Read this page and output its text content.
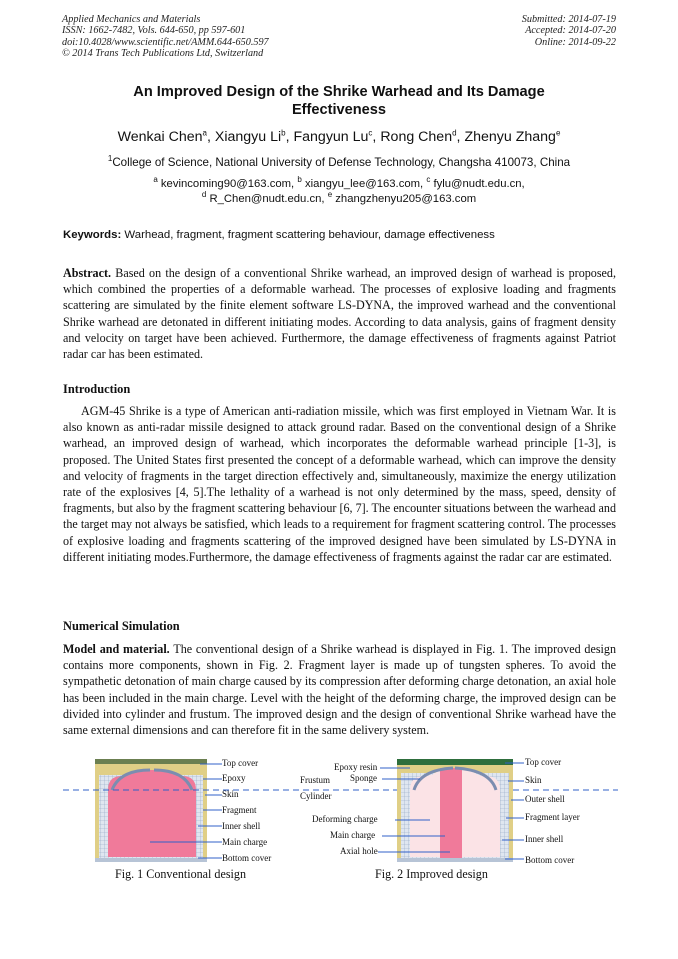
Applied Mechanics and Materials
ISSN: 1662-7482, Vols. 644-650, pp 597-601
doi:10.4028/www.scientific.net/AMM.644-650.597
© 2014 Trans Tech Publications Ltd, Switzerland
Submitted: 2014-07-19
Accepted: 2014-07-20
Online: 2014-09-22
An Improved Design of the Shrike Warhead and Its Damage
Effectiveness
Wenkai Chen$^a$, Xiangyu Li$^b$, Fangyun Lu$^c$, Rong Chen$^d$, Zhenyu Zhang$^e$
$^1$College of Science, National University of Defense Technology, Changsha 410073, China
$^a$ kevincoming90@163.com, $^b$ xiangyu_lee@163.com, $^c$ fylu@nudt.edu.cn,
$^d$ R_Chen@nudt.edu.cn, $^e$ zhangzhenyu205@163.com
Keywords: Warhead, fragment, fragment scattering behaviour, damage effectiveness
Abstract. Based on the design of a conventional Shrike warhead, an improved design of warhead is proposed, which combined the properties of a deformable warhead. The processes of explosive loading and fragments scattering are simulated by the finite element software LS-DYNA, the improved warhead and the conventional Shrike warhead are detonated in different initiating modes. According to data analysis, gains of fragment density and velocity on target have been achieved. Furthermore, the damage effectiveness of fragments against Patriot radar car has been estimated.
Introduction
AGM-45 Shrike is a type of American anti-radiation missile, which was first employed in Vietnam War. It is also known as anti-radar missile designed to attack ground radar. Based on the conventional design of a Shrike warhead, an improved design of warhead, which incorporates the deformable warhead principle [1-3], is proposed. The United States first presented the concept of a deformable warhead, which can improve the density and velocity of fragments in the target direction effectively and, simultaneously, maximize the energy utilization rate of the explosives [4, 5].The lethality of a warhead is not only determined by the mass, speed, density of fragments, but also by the fragment scattering behaviour [6, 7]. The encounter situations between the warhead and the target may not always be satisfied, which leads to a requirement for fragment scattering control. The processes of explosive loading and fragments scattering of the improved designed have been simulated by LS-DYNA in different initiating modes.Furthermore, the damage effectiveness of fragments against the radar car are estimated.
Numerical Simulation
Model and material. The conventional design of a Shrike warhead is displayed in Fig. 1. The improved design contains more components, shown in Fig. 2. Fragment layer is made up of tungsten spheres. To avoid the sympathetic detonation of main charge caused by its compression after deforming charge detonation, an axial hole has been included in the main charge. Level with the height of the deforming charge, the improved design can be divided into cylinder and frustum. The improved design and the design of conventional Shrike warhead have the same external dimensions and can therefore fit in the same delivery system.
Top cover
Epoxy
Skin
Fragment
Inner shell
Main charge
Bottom cover
Fig. 1 Conventional design
Epoxy resin
Sponge
Frustum
Cylinder
Deforming charge
Main charge
Axial hole
Top cover
Skin
Outer shell
Fragment layer
Inner shell
Bottom cover
Fig. 2 Improved design
